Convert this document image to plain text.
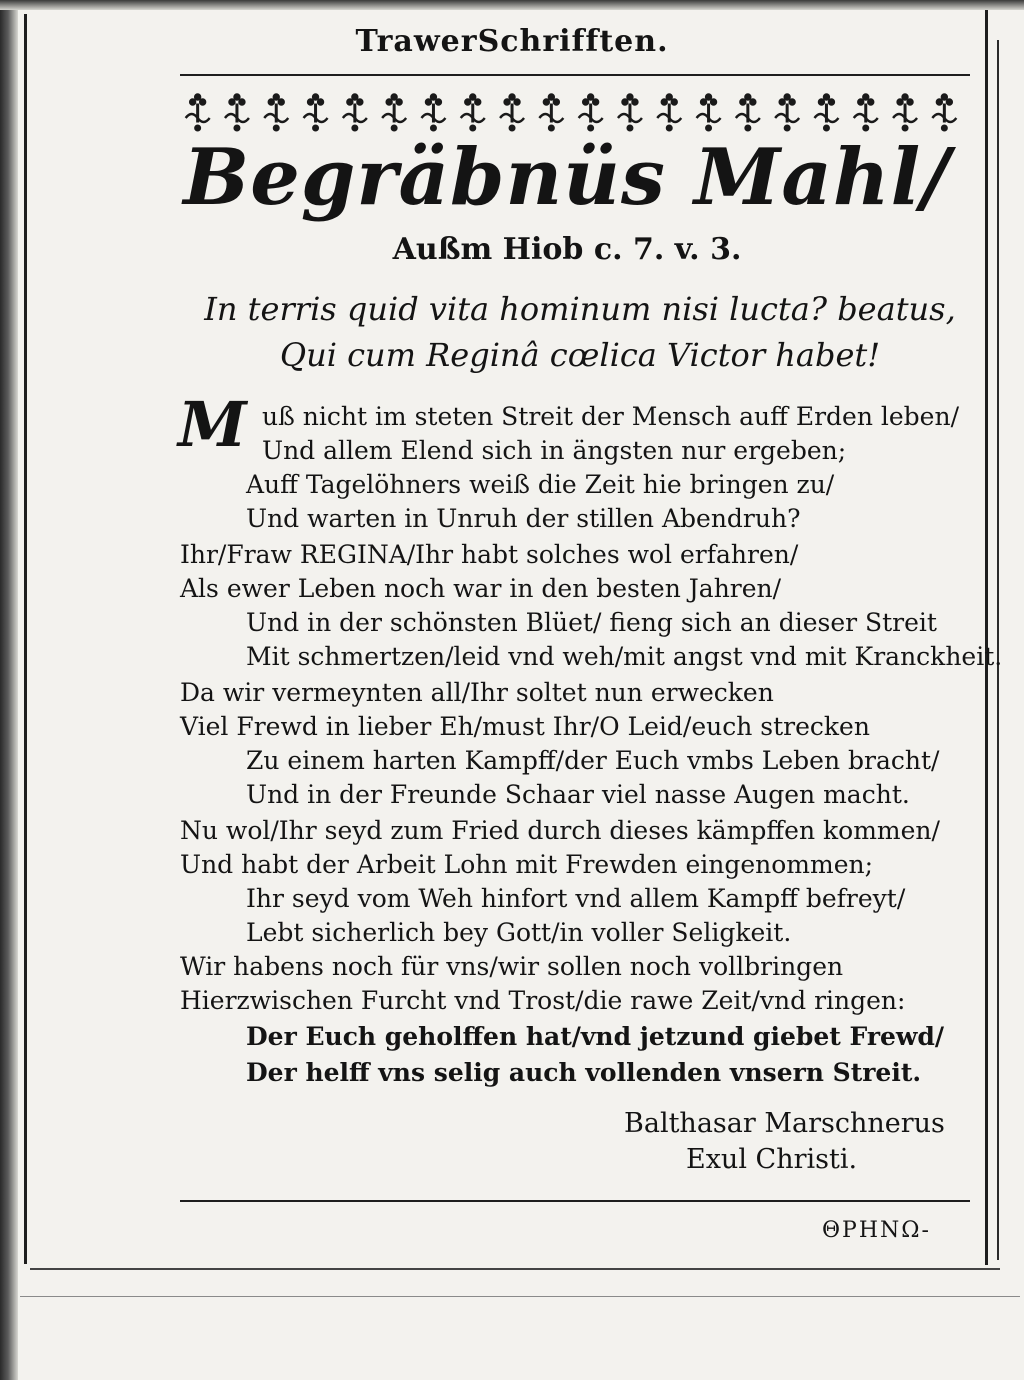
TrawerSchrifften.
Begräbnüs Mahl/
Außm Hiob c. 7. v. 3.
In terris quid vita hominum nisi lucta? beatus,
Qui cum Reginâ cœlica Victor habet!
M uß nicht im steten Streit der Mensch auff Erden leben/
Und allem Elend sich in ängsten nur ergeben;
Auff Tagelöhners weiß die Zeit hie bringen zu/
Und warten in Unruh der stillen Abendruh?
Ihr/Fraw REGINA/Ihr habt solches wol erfahren/
Als ewer Leben noch war in den besten Jahren/
Und in der schönsten Blüet/ fieng sich an dieser Streit
Mit schmertzen/leid vnd weh/mit angst vnd mit Kranckheit.
Da wir vermeynten all/Ihr soltet nun erwecken
Viel Frewd in lieber Eh/must Ihr/O Leid/euch strecken
Zu einem harten Kampff/der Euch vmbs Leben bracht/
Und in der Freunde Schaar viel nasse Augen macht.
Nu wol/Ihr seyd zum Fried durch dieses kämpffen kommen/
Und habt der Arbeit Lohn mit Frewden eingenommen;
Ihr seyd vom Weh hinfort vnd allem Kampff befreyt/
Lebt sicherlich bey Gott/in voller Seligkeit.
Wir habens noch für vns/wir sollen noch vollbringen
Hierzwischen Furcht vnd Trost/die rawe Zeit/vnd ringen:
Der Euch geholffen hat/vnd jetzund giebet Frewd/
Der helff vns selig auch vollenden vnsern Streit.
Balthasar Marschnerus
Exul Christi.
ΘΡΗΝΩ-
